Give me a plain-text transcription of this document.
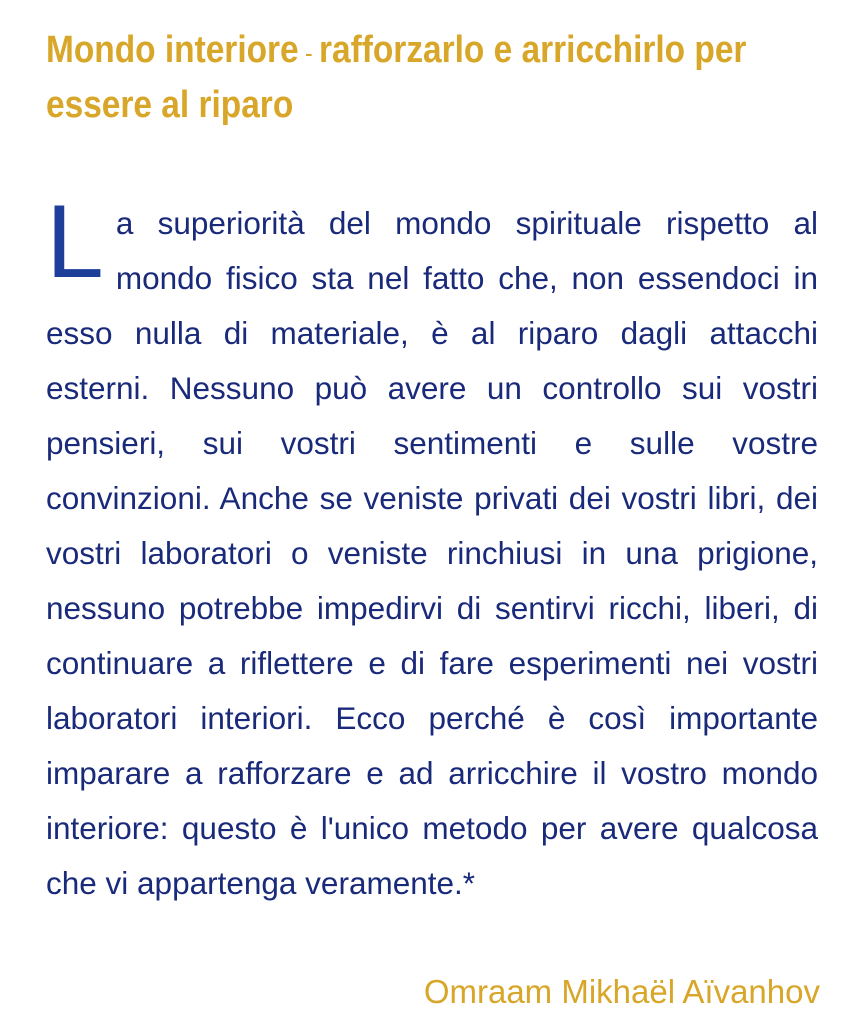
Mondo interiore - rafforzarlo e arricchirlo per essere al riparo

La superiorità del mondo spirituale rispetto al mondo fisico sta nel fatto che, non essendoci in esso nulla di materiale, è al riparo dagli attacchi esterni. Nessuno può avere un controllo sui vostri pensieri, sui vostri sentimenti e sulle vostre convinzioni. Anche se veniste privati dei vostri libri, dei vostri laboratori o veniste rinchiusi in una prigione, nessuno potrebbe impedirvi di sentirvi ricchi, liberi, di continuare a riflettere e di fare esperimenti nei vostri laboratori interiori. Ecco perché è così importante imparare a rafforzare e ad arricchire il vostro mondo interiore: questo è l'unico metodo per avere qualcosa che vi appartenga veramente.*

Omraam Mikhaël Aïvanhov
